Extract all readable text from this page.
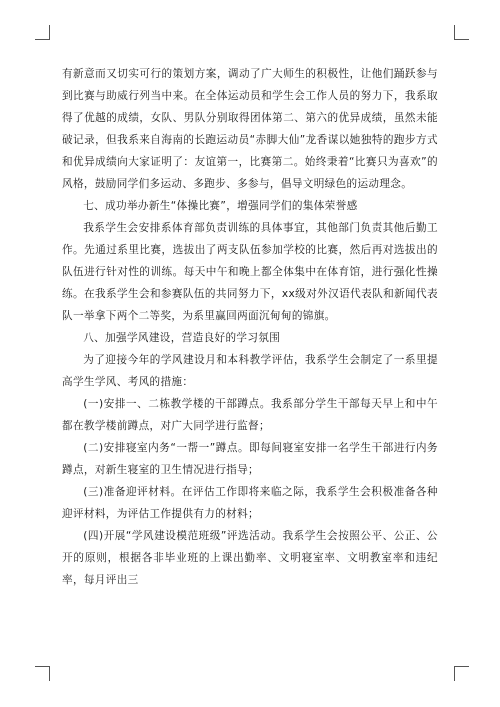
有新意而又切实可行的策划方案，调动了广大师生的积极性，让他们踊跃参与到比赛与助威行列当中来。在全体运动员和学生会工作人员的努力下，我系取得了优越的成绩，女队、男队分别取得团体第二、第六的优异成绩，虽然未能破记录，但我系来自海南的长跑运动员“赤脚大仙”龙香谋以她独特的跑步方式和优异成绩向大家证明了：友谊第一，比赛第二。始终秉着“比赛只为喜欢”的风格，鼓励同学们多运动、多跑步、多参与，倡导文明绿色的运动理念。

七、成功举办新生“体操比赛”，增强同学们的集体荣誉感

我系学生会安排系体育部负责训练的具体事宜，其他部门负责其他后勤工作。先通过系里比赛，选拔出了两支队伍参加学校的比赛，然后再对选拔出的队伍进行针对性的训练。每天中午和晚上都全体集中在体育馆，进行强化性操练。在我系学生会和参赛队伍的共同努力下，xx级对外汉语代表队和新闻代表队一举拿下两个二等奖，为系里赢回两面沉甸甸的锦旗。

八、加强学风建设，营造良好的学习氛围

为了迎接今年的学风建设月和本科教学评估，我系学生会制定了一系里提高学生学风、考风的措施：

(一)安排一、二栋教学楼的干部蹲点。我系部分学生干部每天早上和中午都在教学楼前蹲点，对广大同学进行监督；

(二)安排寝室内务“一帮一”蹲点。即每间寝室安排一名学生干部进行内务蹲点，对新生寝室的卫生情况进行指导；

(三)准备迎评材料。在评估工作即将来临之际，我系学生会积极准备各种迎评材料，为评估工作提供有力的材料；

(四)开展“学风建设模范班级”评选活动。我系学生会按照公平、公正、公开的原则，根据各非毕业班的上课出勤率、文明寝室率、文明教室率和违纪率，每月评出三
